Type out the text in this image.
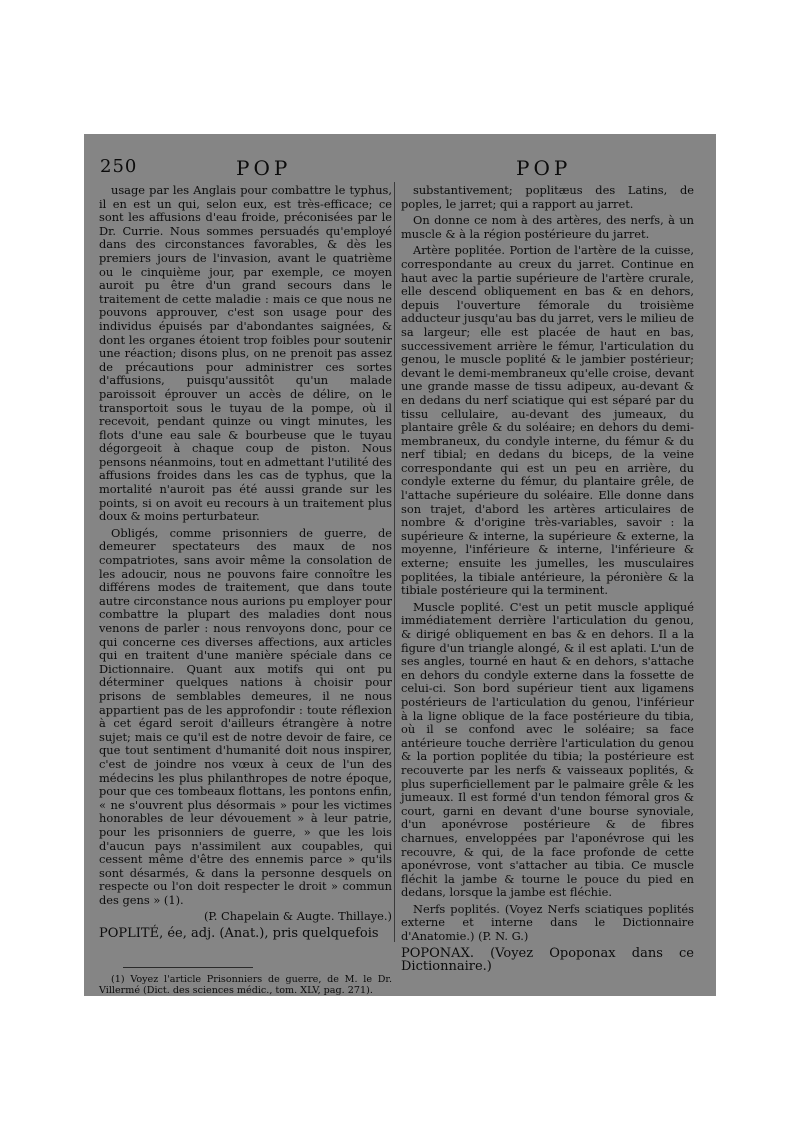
250	POP	POP

usage par les Anglais pour combattre le typhus, il en est un qui, selon eux, est très-efficace; ce sont les affusions d'eau froide, préconisées par le Dr. Currie. Nous sommes persuadés qu'employé dans des circonstances favorables, & dès les premiers jours de l'invasion, avant le quatrième ou le cinquième jour, par exemple, ce moyen auroit pu être d'un grand secours dans le traitement de cette maladie : mais ce que nous ne pouvons approuver, c'est son usage pour des individus épuisés par d'abondantes saignées, & dont les organes étoient trop foibles pour soutenir une réaction; disons plus, on ne prenoit pas assez de précautions pour administrer ces sortes d'affusions, puisqu'aussitôt qu'un malade paroissoit éprouver un accès de délire, on le transportoit sous le tuyau de la pompe, où il recevoit, pendant quinze ou vingt minutes, les flots d'une eau sale & bourbeuse que le tuyau dégorgeoit à chaque coup de piston. Nous pensons néanmoins, tout en admettant l'utilité des affusions froides dans les cas de typhus, que la mortalité n'auroit pas été aussi grande sur les points, si on avoit eu recours à un traitement plus doux & moins perturbateur.

Obligés, comme prisonniers de guerre, de demeurer spectateurs des maux de nos compatriotes, sans avoir même la consolation de les adoucir, nous ne pouvons faire connoître les différens modes de traitement, que dans toute autre circonstance nous aurions pu employer pour combattre la plupart des maladies dont nous venons de parler : nous renvoyons donc, pour ce qui concerne ces diverses affections, aux articles qui en traitent d'une manière spéciale dans ce Dictionnaire. Quant aux motifs qui ont pu déterminer quelques nations à choisir pour prisons de semblables demeures, il ne nous appartient pas de les approfondir : toute réflexion à cet égard seroit d'ailleurs étrangère à notre sujet; mais ce qu'il est de notre devoir de faire, ce que tout sentiment d'humanité doit nous inspirer, c'est de joindre nos vœux à ceux de l'un des médecins les plus philanthropes de notre époque, pour que ces tombeaux flottans, les pontons enfin, « ne s'ouvrent plus désormais » pour les victimes honorables de leur dévouement » à leur patrie, pour les prisonniers de guerre, » que les lois d'aucun pays n'assimilent aux coupables, qui cessent même d'être des ennemis parce » qu'ils sont désarmés, & dans la personne desquels on respecte ou l'on doit respecter le droit » commun des gens » (1).

(P. Chapelain & Augte. Thillaye.)

POPLITÉ, ée, adj. (Anat.), pris quelquefois

(1) Voyez l'article Prisonniers de guerre, de M. le Dr. Villermé (Dict. des sciences médic., tom. XLV, pag. 271).

substantivement; poplitæus des Latins, de poples, le jarret; qui a rapport au jarret.

On donne ce nom à des artères, des nerfs, à un muscle & à la région postérieure du jarret.

Artère poplitée. Portion de l'artère de la cuisse, correspondante au creux du jarret. Continue en haut avec la partie supérieure de l'artère crurale, elle descend obliquement en bas & en dehors, depuis l'ouverture fémorale du troisième adducteur jusqu'au bas du jarret, vers le milieu de sa largeur; elle est placée de haut en bas, successivement arrière le fémur, l'articulation du genou, le muscle poplité & le jambier postérieur; devant le demi-membraneux qu'elle croise, devant une grande masse de tissu adipeux, au-devant & en dedans du nerf sciatique qui est séparé par du tissu cellulaire, au-devant des jumeaux, du plantaire grêle & du soléaire; en dehors du demi-membraneux, du condyle interne, du fémur & du nerf tibial; en dedans du biceps, de la veine correspondante qui est un peu en arrière, du condyle externe du fémur, du plantaire grêle, de l'attache supérieure du soléaire. Elle donne dans son trajet, d'abord les artères articulaires de nombre & d'origine très-variables, savoir : la supérieure & interne, la supérieure & externe, la moyenne, l'inférieure & interne, l'inférieure & externe; ensuite les jumelles, les musculaires poplitées, la tibiale antérieure, la péronière & la tibiale postérieure qui la terminent.

Muscle poplité. C'est un petit muscle appliqué immédiatement derrière l'articulation du genou, & dirigé obliquement en bas & en dehors. Il a la figure d'un triangle alongé, & il est aplati. L'un de ses angles, tourné en haut & en dehors, s'attache en dehors du condyle externe dans la fossette de celui-ci. Son bord supérieur tient aux ligamens postérieurs de l'articulation du genou, l'inférieur à la ligne oblique de la face postérieure du tibia, où il se confond avec le soléaire; sa face antérieure touche derrière l'articulation du genou & la portion poplitée du tibia; la postérieure est recouverte par les nerfs & vaisseaux poplités, & plus superficiellement par le palmaire grêle & les jumeaux. Il est formé d'un tendon fémoral gros & court, garni en devant d'une bourse synoviale, d'un aponévrose postérieure & de fibres charnues, enveloppées par l'aponévrose qui les recouvre, & qui, de la face profonde de cette aponévrose, vont s'attacher au tibia. Ce muscle fléchit la jambe & tourne le pouce du pied en dedans, lorsque la jambe est fléchie.

Nerfs poplités. (Voyez Nerfs sciatiques poplités externe et interne dans le Dictionnaire d'Anatomie.) (P. N. G.)

POPONAX. (Voyez Opoponax dans ce Dictionnaire.)
